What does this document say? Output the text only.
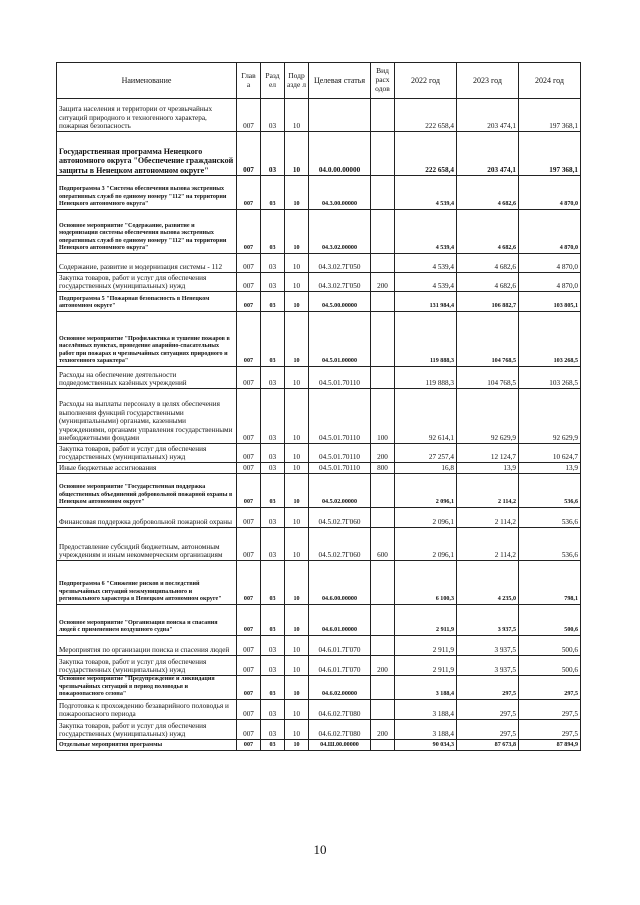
Наименование	Глав а	Разд ел	Подр азде л	Целевая статья	Вид расх одов	2022 год	2023 год	2024 год
Защита населения и территории от чрезвычайных ситуаций природного и техногенного характера, пожарная безопасность	007	03	10			222 658,4	203 474,1	197 368,1
Государственная программа Ненецкого автономного округа "Обеспечение гражданской защиты в Ненецком автономном округе"	007	03	10	04.0.00.00000		222 658,4	203 474,1	197 368,1
Подпрограмма 3 "Система обеспечения вызова экстренных оперативных служб по единому номеру "112" на территории Ненецкого автономного округа"	007	03	10	04.3.00.00000		4 539,4	4 682,6	4 870,0
Основное мероприятие "Содержание, развитие и модернизация системы обеспечения вызова экстренных оперативных служб по единому номеру "112" на территории Ненецкого автономного округа"	007	03	10	04.3.02.00000		4 539,4	4 682,6	4 870,0
Содержание, развитие и модернизация системы - 112	007	03	10	04.3.02.7Г050		4 539,4	4 682,6	4 870,0
Закупка товаров, работ и услуг для обеспечения государственных (муниципальных) нужд	007	03	10	04.3.02.7Г050	200	4 539,4	4 682,6	4 870,0
Подпрограмма 5 "Пожарная безопасность в Ненецком автономном округе"	007	03	10	04.5.00.00000		131 984,4	106 882,7	103 805,1
Основное мероприятие "Профилактика и тушение пожаров в населённых пунктах, проведение аварийно-спасательных работ при пожарах и чрезвычайных ситуациях природного и техногенного характера"	007	03	10	04.5.01.00000		119 888,3	104 768,5	103 268,5
Расходы на обеспечение деятельности подведомственных казённых учреждений	007	03	10	04.5.01.70110		119 888,3	104 768,5	103 268,5
Расходы на выплаты персоналу в целях обеспечения выполнения функций государственными (муниципальными) органами, казенными учреждениями, органами управления государственными внебюджетными фондами	007	03	10	04.5.01.70110	100	92 614,1	92 629,9	92 629,9
Закупка товаров, работ и услуг для обеспечения государственных (муниципальных) нужд	007	03	10	04.5.01.70110	200	27 257,4	12 124,7	10 624,7
Иные бюджетные ассигнования	007	03	10	04.5.01.70110	800	16,8	13,9	13,9
Основное мероприятие "Государственная поддержка общественных объединений добровольной пожарной охраны в Ненецком автономном округе"	007	03	10	04.5.02.00000		2 096,1	2 114,2	536,6
Финансовая поддержка добровольной пожарной охраны	007	03	10	04.5.02.7Г060		2 096,1	2 114,2	536,6
Предоставление субсидий бюджетным, автономным учреждениям и иным некоммерческим организациям	007	03	10	04.5.02.7Г060	600	2 096,1	2 114,2	536,6
Подпрограмма 6 "Снижение рисков и последствий чрезвычайных ситуаций межмуниципального и регионального характера в Ненецком автономном округе"	007	03	10	04.6.00.00000		6 100,3	4 235,0	798,1
Основное мероприятие "Организация поиска и спасания людей с применением воздушного судна"	007	03	10	04.6.01.00000		2 911,9	3 937,5	500,6
Мероприятия по организации поиска и спасения людей	007	03	10	04.6.01.7Г070		2 911,9	3 937,5	500,6
Закупка товаров, работ и услуг для обеспечения государственных (муниципальных) нужд	007	03	10	04.6.01.7Г070	200	2 911,9	3 937,5	500,6
Основное мероприятие "Предупреждение и ликвидация чрезвычайных ситуаций в период половодья и пожароопасного сезона"	007	03	10	04.6.02.00000		3 188,4	297,5	297,5
Подготовка к прохождению безаварийного половодья и пожароопасного периода	007	03	10	04.6.02.7Г080		3 188,4	297,5	297,5
Закупка товаров, работ и услуг для обеспечения государственных (муниципальных) нужд	007	03	10	04.6.02.7Г080	200	3 188,4	297,5	297,5
Отдельные мероприятия программы	007	03	10	04.Ш.00.00000		90 034,3	87 673,8	87 894,9
10
